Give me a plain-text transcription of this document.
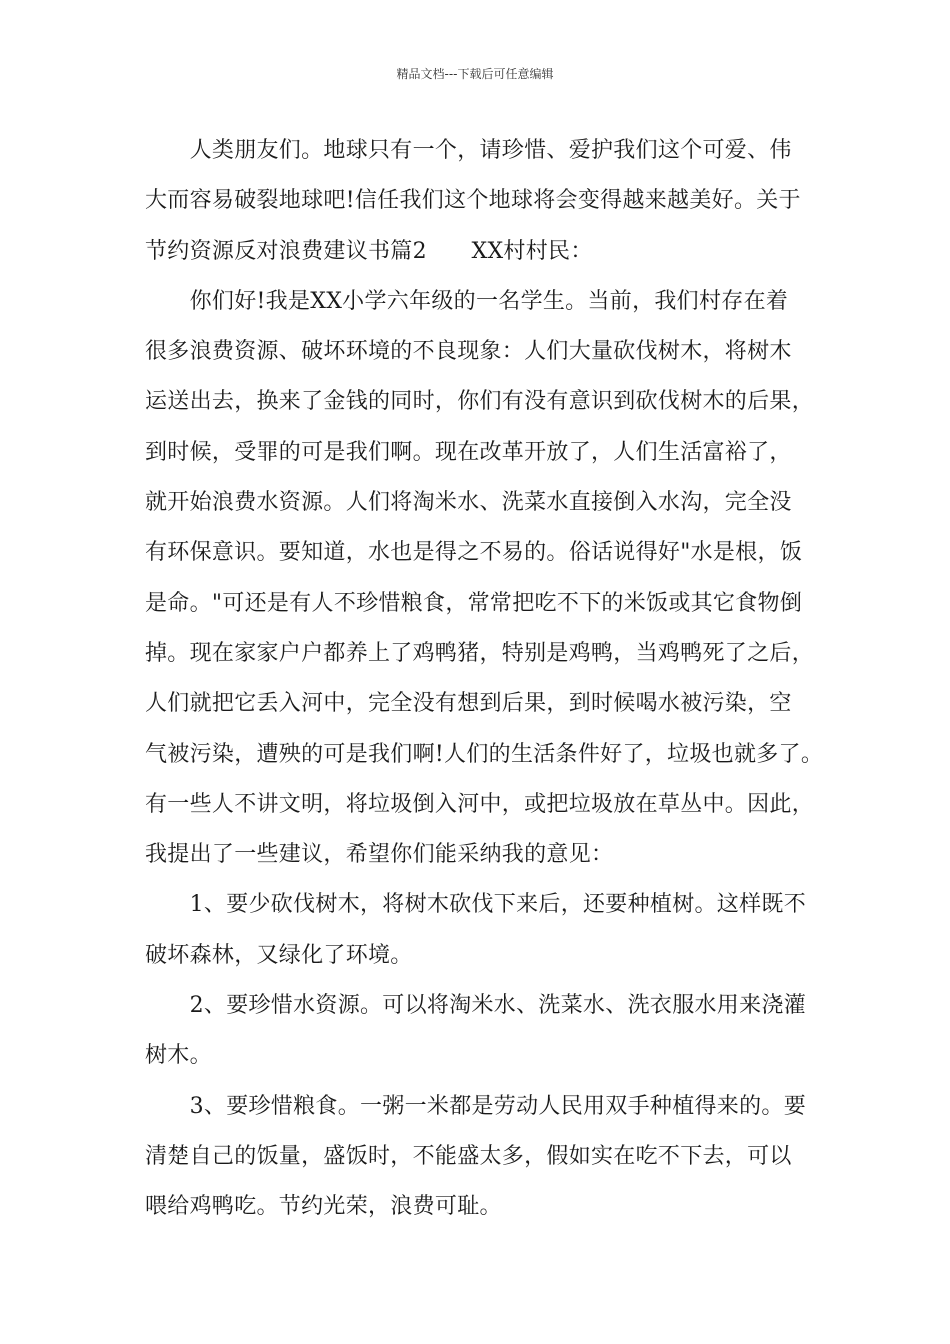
精品文档---下载后可任意编辑
　　人类朋友们。地球只有一个，请珍惜、爱护我们这个可爱、伟
大而容易破裂地球吧!信任我们这个地球将会变得越来越美好。关于
节约资源反对浪费建议书篇2　　XX村村民：
　　你们好!我是XX小学六年级的一名学生。当前，我们村存在着
很多浪费资源、破坏环境的不良现象：人们大量砍伐树木，将树木
运送出去，换来了金钱的同时，你们有没有意识到砍伐树木的后果，
到时候，受罪的可是我们啊。现在改革开放了，人们生活富裕了，
就开始浪费水资源。人们将淘米水、洗菜水直接倒入水沟，完全没
有环保意识。要知道，水也是得之不易的。俗话说得好"水是根，饭
是命。"可还是有人不珍惜粮食，常常把吃不下的米饭或其它食物倒
掉。现在家家户户都养上了鸡鸭猪，特别是鸡鸭，当鸡鸭死了之后，
人们就把它丢入河中，完全没有想到后果，到时候喝水被污染，空
气被污染，遭殃的可是我们啊!人们的生活条件好了，垃圾也就多了。
有一些人不讲文明，将垃圾倒入河中，或把垃圾放在草丛中。因此，
我提出了一些建议，希望你们能采纳我的意见：
　　1、要少砍伐树木，将树木砍伐下来后，还要种植树。这样既不
破坏森林，又绿化了环境。
　　2、要珍惜水资源。可以将淘米水、洗菜水、洗衣服水用来浇灌
树木。
　　3、要珍惜粮食。一粥一米都是劳动人民用双手种植得来的。要
清楚自己的饭量，盛饭时，不能盛太多，假如实在吃不下去，可以
喂给鸡鸭吃。节约光荣，浪费可耻。
